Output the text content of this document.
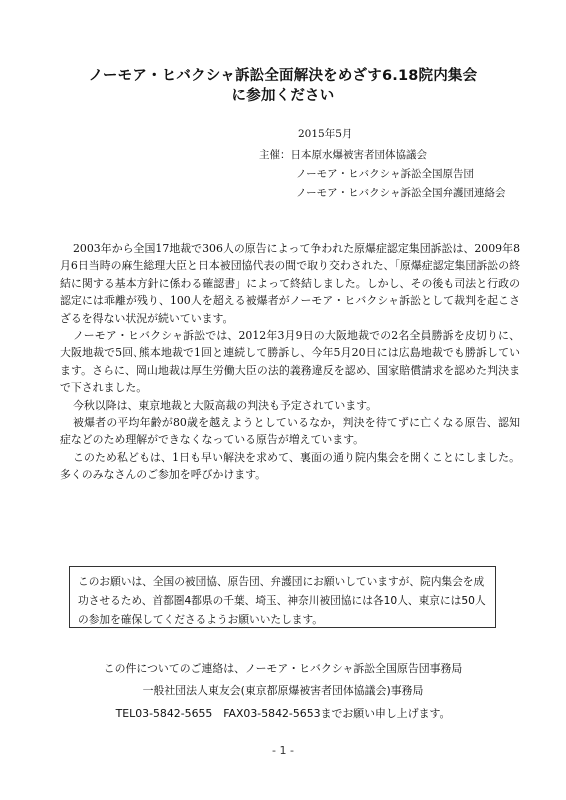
ノーモア・ヒバクシャ訴訟全面解決をめざす6.18院内集会
に参加ください
2015年5月
主催：日本原水爆被害者団体協議会
ノーモア・ヒバクシャ訴訟全国原告団
ノーモア・ヒバクシャ訴訟全国弁護団連絡会

2003年から全国17地裁で306人の原告によって争われた原爆症認定集団訴訟は、2009年8月6日当時の麻生総理大臣と日本被団協代表の間で取り交わされた、「原爆症認定集団訴訟の終結に関する基本方針に係わる確認書」によって終結しました。しかし、その後も司法と行政の認定には乖離が残り、100人を超える被爆者がノーモア・ヒバクシャ訴訟として裁判を起こさざるを得ない状況が続いています。

ノーモア・ヒバクシャ訴訟では、2012年3月9日の大阪地裁での2名全員勝訴を皮切りに、大阪地裁で5回､熊本地裁で1回と連続して勝訴し、今年5月20日には広島地裁でも勝訴しています。さらに、岡山地裁は厚生労働大臣の法的義務違反を認め、国家賠償請求を認めた判決まで下されました。

今秋以降は、東京地裁と大阪高裁の判決も予定されています。

被爆者の平均年齢が80歳を越えようとしているなか，判決を待てずに亡くなる原告、認知症などのため理解ができなくなっている原告が増えています。

このため私どもは、1日も早い解決を求めて、裏面の通り院内集会を開くことにしました。多くのみなさんのご参加を呼びかけます。

このお願いは、全国の被団協、原告団、弁護団にお願いしていますが、院内集会を成功させるため、首都圏4都県の千葉、埼玉、神奈川被団協には各10人、東京には50人の参加を確保してくださるようお願いいたします。
この件についてのご連絡は、ノーモア・ヒバクシャ訴訟全国原告団事務局
一般社団法人東友会(東京都原爆被害者団体協議会)事務局
TEL03-5842-5655　FAX03-5842-5653までお願い申し上げます。
- 1 -
